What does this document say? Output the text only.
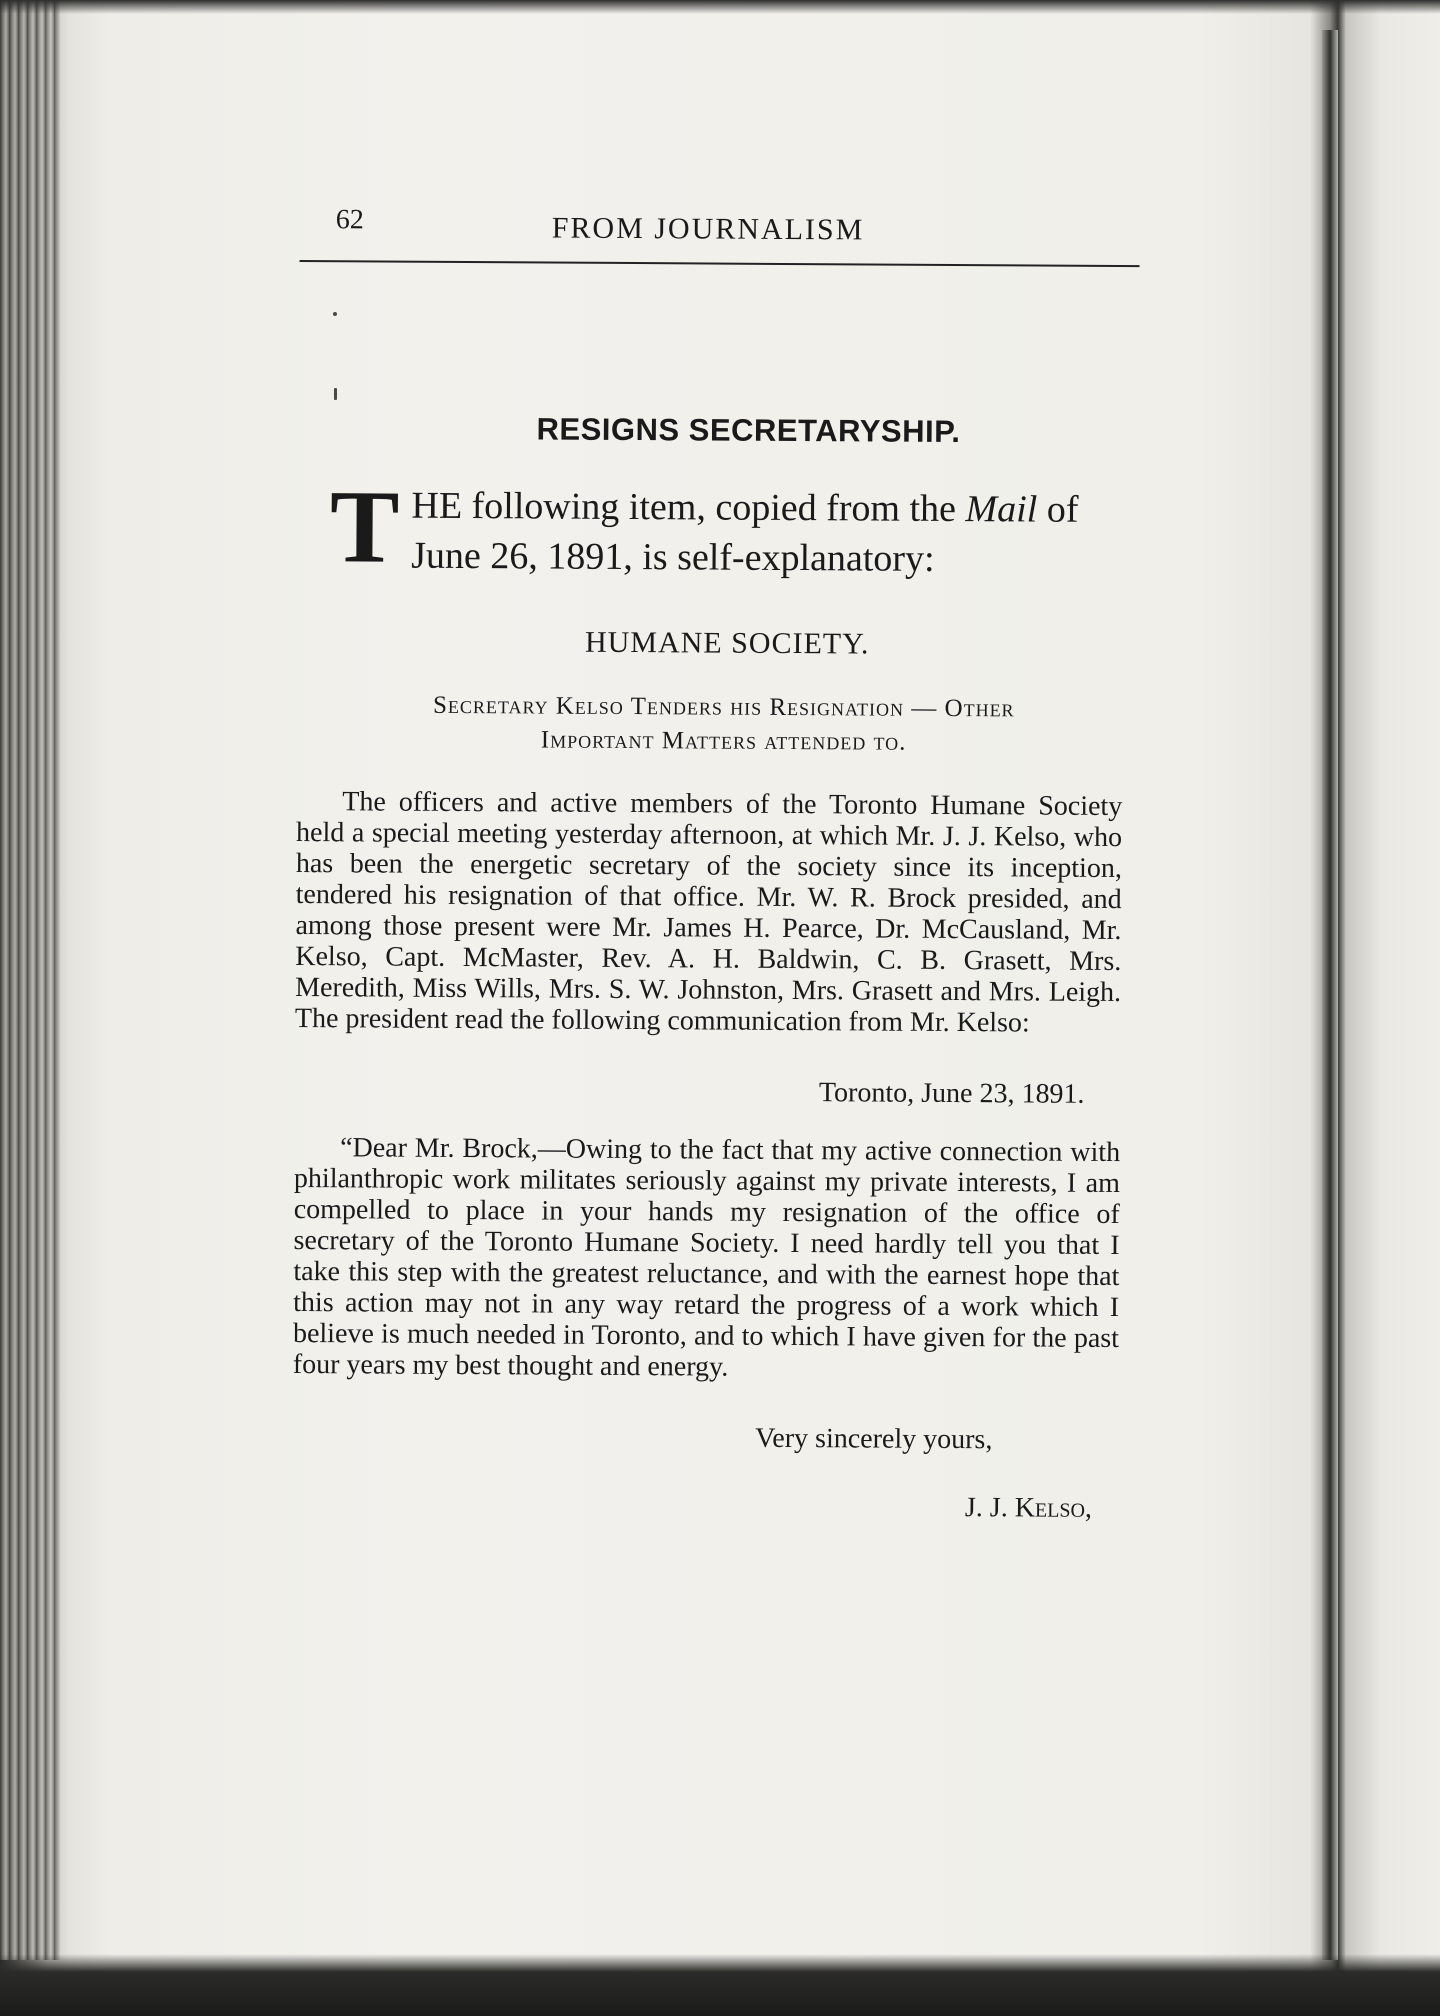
62	FROM JOURNALISM
RESIGNS SECRETARYSHIP.
T HE following item, copied from the Mail of June 26, 1891, is self-explanatory:
HUMANE SOCIETY.
Secretary Kelso Tenders his Resignation — Other
Important Matters attended to.

The officers and active members of the Toronto Humane Society held a special meeting yesterday afternoon, at which Mr. J. J. Kelso, who has been the energetic secretary of the society since its inception, tendered his resignation of that office. Mr. W. R. Brock presided, and among those present were Mr. James H. Pearce, Dr. McCausland, Mr. Kelso, Capt. McMaster, Rev. A. H. Baldwin, C. B. Grasett, Mrs. Meredith, Miss Wills, Mrs. S. W. Johnston, Mrs. Grasett and Mrs. Leigh. The president read the following communication from Mr. Kelso:

Toronto, June 23, 1891.

“Dear Mr. Brock,—Owing to the fact that my active connection with philanthropic work militates seriously against my private interests, I am compelled to place in your hands my resignation of the office of secretary of the Toronto Humane Society. I need hardly tell you that I take this step with the greatest reluctance, and with the earnest hope that this action may not in any way retard the progress of a work which I believe is much needed in Toronto, and to which I have given for the past four years my best thought and energy.

Very sincerely yours,
J. J. Kelso,
